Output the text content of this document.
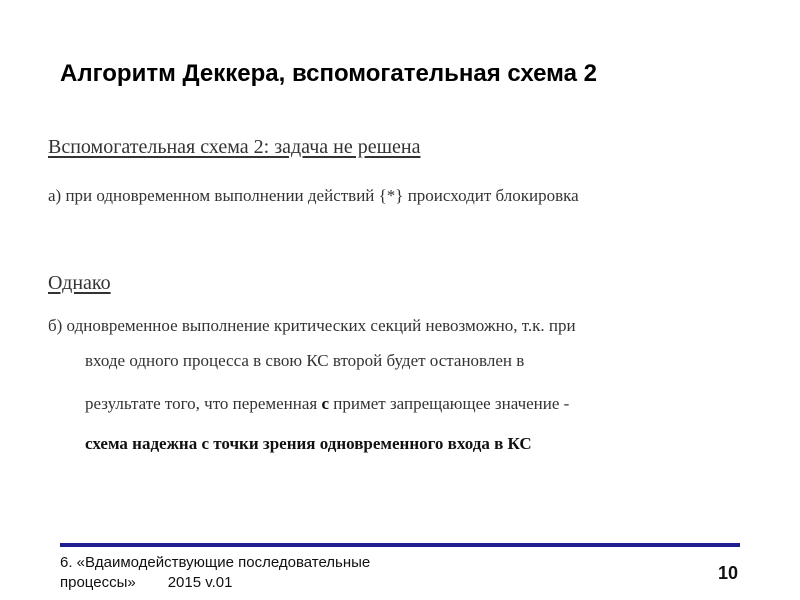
Алгоритм Деккера, вспомогательная схема 2
Вспомогательная схема 2: задача не решена
а) при одновременном выполнении действий {*} происходит блокировка
Однако
б) одновременное выполнение критических секций невозможно, т.к. при
входе одного процесса в свою КС второй будет остановлен в
результате того, что переменная с примет запрещающее значение -
схема надежна с точки зрения одновременного входа в КС
6. «Вдаимодействующие последовательные
процессы» 2015 v.01	10
